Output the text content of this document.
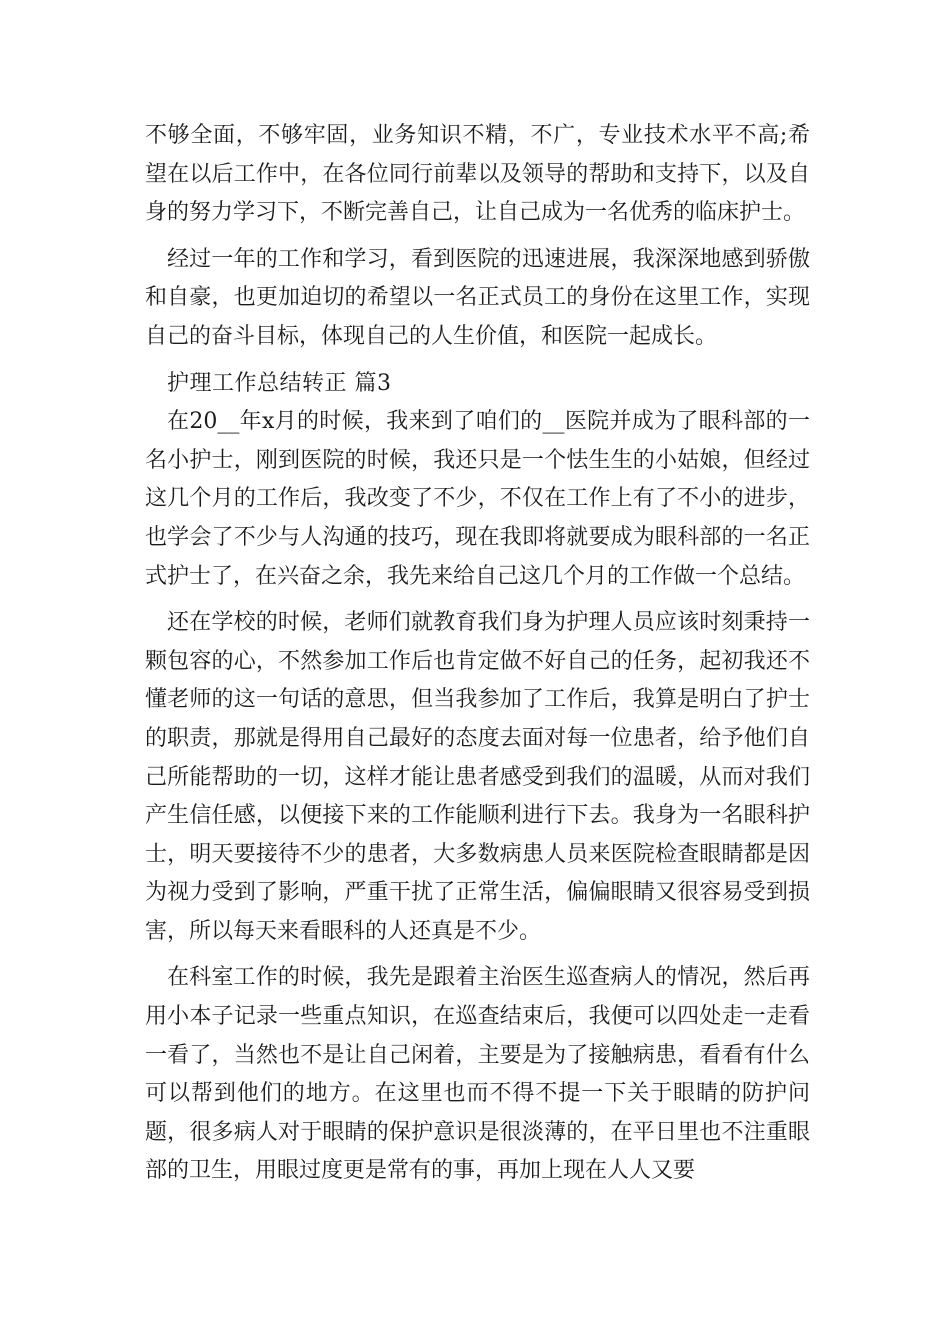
不够全面，不够牢固，业务知识不精，不广，专业技术水平不高;希望在以后工作中，在各位同行前辈以及领导的帮助和支持下，以及自身的努力学习下，不断完善自己，让自己成为一名优秀的临床护士。

经过一年的工作和学习，看到医院的迅速进展，我深深地感到骄傲和自豪，也更加迫切的希望以一名正式员工的身份在这里工作，实现自己的奋斗目标，体现自己的人生价值，和医院一起成长。

护理工作总结转正 篇3

在20__年x月的时候，我来到了咱们的__医院并成为了眼科部的一名小护士，刚到医院的时候，我还只是一个怯生生的小姑娘，但经过这几个月的工作后，我改变了不少，不仅在工作上有了不小的进步，也学会了不少与人沟通的技巧，现在我即将就要成为眼科部的一名正式护士了，在兴奋之余，我先来给自己这几个月的工作做一个总结。

还在学校的时候，老师们就教育我们身为护理人员应该时刻秉持一颗包容的心，不然参加工作后也肯定做不好自己的任务，起初我还不懂老师的这一句话的意思，但当我参加了工作后，我算是明白了护士的职责，那就是得用自己最好的态度去面对每一位患者，给予他们自己所能帮助的一切，这样才能让患者感受到我们的温暖，从而对我们产生信任感，以便接下来的工作能顺利进行下去。我身为一名眼科护士，明天要接待不少的患者，大多数病患人员来医院检查眼睛都是因为视力受到了影响，严重干扰了正常生活，偏偏眼睛又很容易受到损害，所以每天来看眼科的人还真是不少。

在科室工作的时候，我先是跟着主治医生巡查病人的情况，然后再用小本子记录一些重点知识，在巡查结束后，我便可以四处走一走看一看了，当然也不是让自己闲着，主要是为了接触病患，看看有什么可以帮到他们的地方。在这里也而不得不提一下关于眼睛的防护问题，很多病人对于眼睛的保护意识是很淡薄的，在平日里也不注重眼部的卫生，用眼过度更是常有的事，再加上现在人人又要
